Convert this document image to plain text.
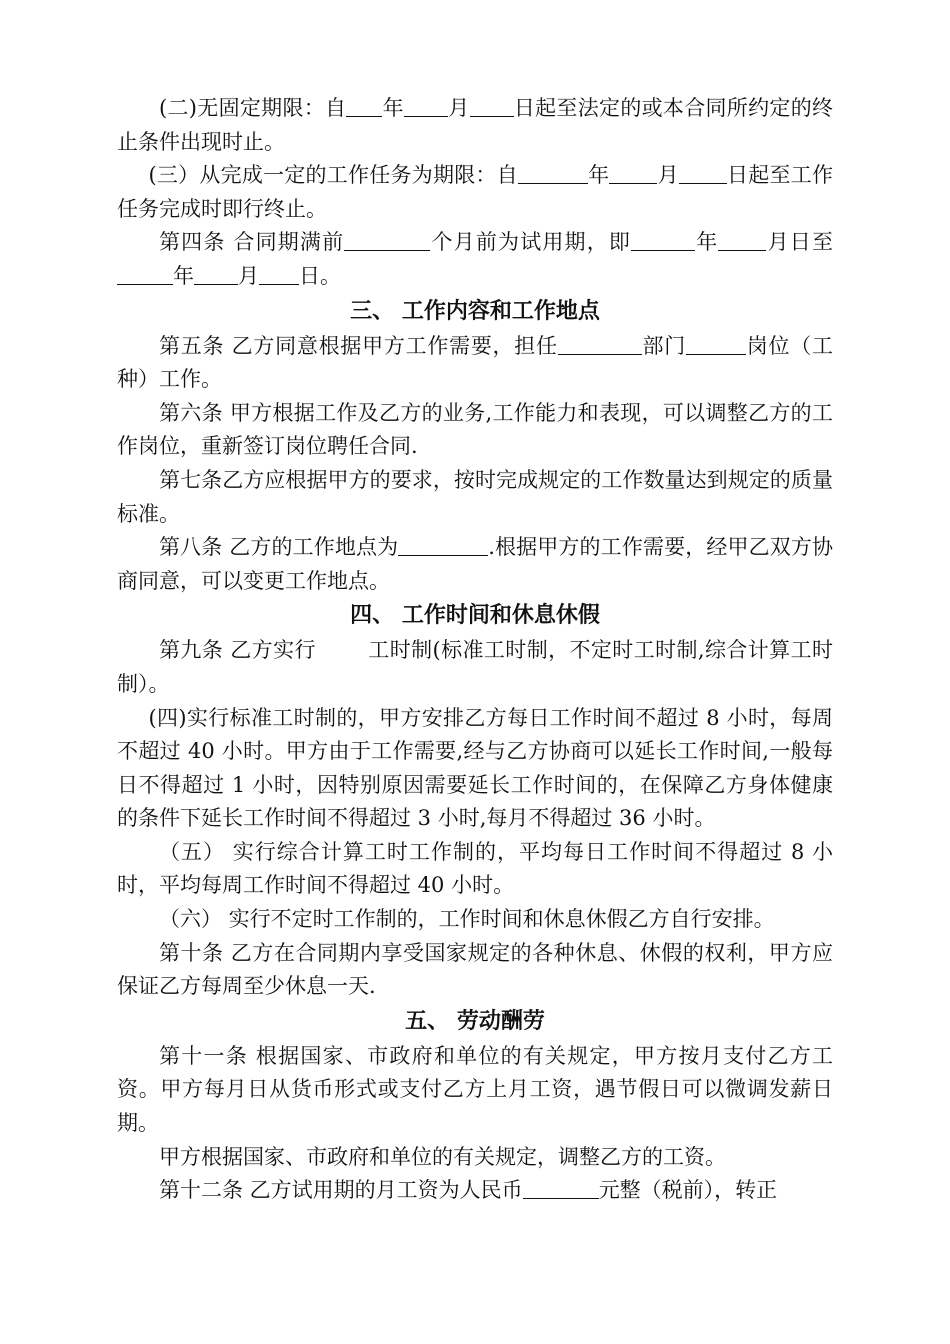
(二)无固定期限：自 年 月 日起至法定的或本合同所约定的终止条件出现时止。

(三）从完成一定的工作任务为期限：自	年 月 日起至工作任务完成时即行终止。

第四条 合同期满前	个月前为试用期，即	年 月日至年 月 日。

三、 工作内容和工作地点

第五条 乙方同意根据甲方工作需要，担任	部门	岗位（工种）工作。

第六条 甲方根据工作及乙方的业务,工作能力和表现，可以调整乙方的工作岗位，重新签订岗位聘任合同.

第七条乙方应根据甲方的要求，按时完成规定的工作数量达到规定的质量标准。

第八条 乙方的工作地点为	.根据甲方的工作需要，经甲乙双方协商同意，可以变更工作地点。

四、 工作时间和休息休假

第九条 乙方实行 工时制(标准工时制，不定时工时制,综合计算工时制）。

(四)实行标准工时制的，甲方安排乙方每日工作时间不超过 8 小时，每周不超过 40 小时。甲方由于工作需要,经与乙方协商可以延长工作时间,一般每日不得超过 1 小时，因特别原因需要延长工作时间的，在保障乙方身体健康的条件下延长工作时间不得超过 3 小时,每月不得超过 36 小时。

（五） 实行综合计算工时工作制的，平均每日工作时间不得超过 8 小时，平均每周工作时间不得超过 40 小时。

（六） 实行不定时工作制的，工作时间和休息休假乙方自行安排。

第十条 乙方在合同期内享受国家规定的各种休息、休假的权利，甲方应保证乙方每周至少休息一天.

五、 劳动酬劳

第十一条 根据国家、市政府和单位的有关规定，甲方按月支付乙方工资。甲方每月日从货币形式或支付乙方上月工资，遇节假日可以微调发薪日期。

甲方根据国家、市政府和单位的有关规定，调整乙方的工资。

第十二条 乙方试用期的月工资为人民币	元整（税前），转正
